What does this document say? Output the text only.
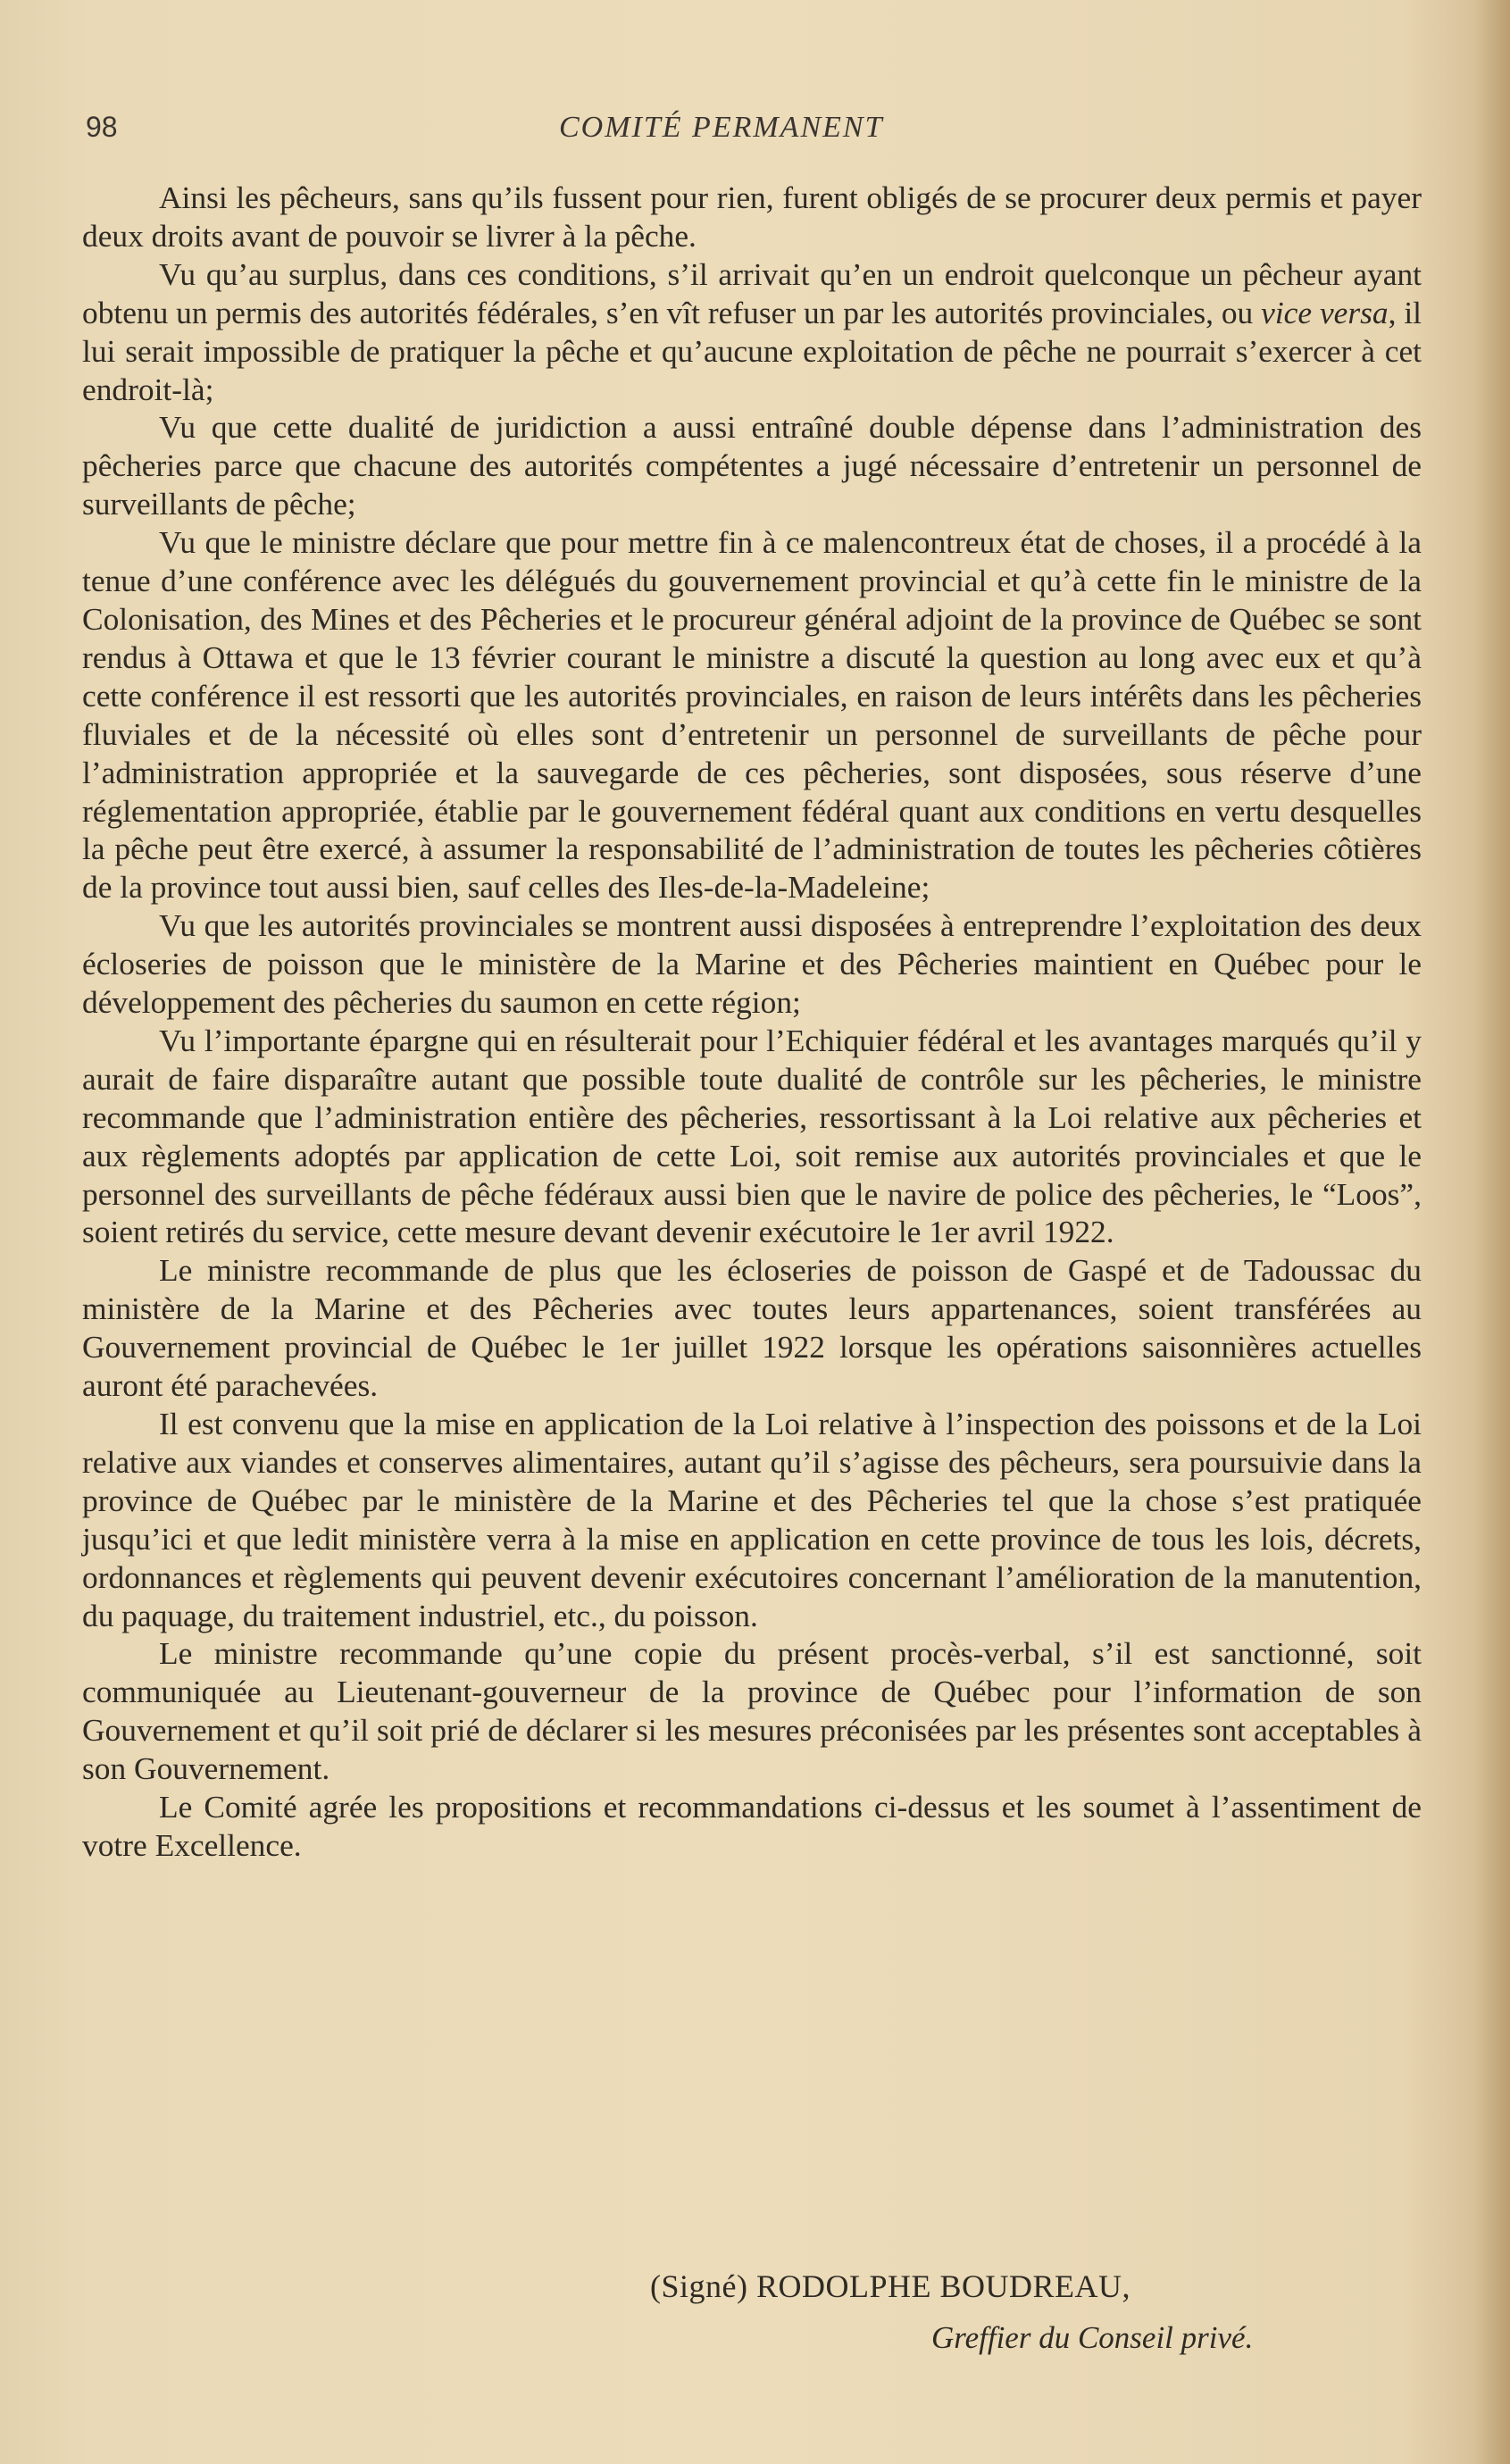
98	COMITÉ PERMANENT

Ainsi les pêcheurs, sans qu’ils fussent pour rien, furent obligés de se procurer deux permis et payer deux droits avant de pouvoir se livrer à la pêche.

Vu qu’au surplus, dans ces conditions, s’il arrivait qu’en un endroit quelconque un pêcheur ayant obtenu un permis des autorités fédérales, s’en vît refuser un par les autorités provinciales, ou vice versa, il lui serait impossible de pratiquer la pêche et qu’aucune exploitation de pêche ne pourrait s’exercer à cet endroit-là;

Vu que cette dualité de juridiction a aussi entraîné double dépense dans l’administration des pêcheries parce que chacune des autorités compétentes a jugé nécessaire d’entretenir un personnel de surveillants de pêche;

Vu que le ministre déclare que pour mettre fin à ce malencontreux état de choses, il a procédé à la tenue d’une conférence avec les délégués du gouvernement provincial et qu’à cette fin le ministre de la Colonisation, des Mines et des Pêcheries et le procureur général adjoint de la province de Québec se sont rendus à Ottawa et que le 13 février courant le ministre a discuté la question au long avec eux et qu’à cette conférence il est ressorti que les autorités provinciales, en raison de leurs intérêts dans les pêcheries fluviales et de la nécessité où elles sont d’entretenir un personnel de surveillants de pêche pour l’administration appropriée et la sauvegarde de ces pêcheries, sont disposées, sous réserve d’une réglementation appropriée, établie par le gouvernement fédéral quant aux conditions en vertu desquelles la pêche peut être exercé, à assumer la responsabilité de l’administration de toutes les pêcheries côtières de la province tout aussi bien, sauf celles des Iles-de-la-Madeleine;

Vu que les autorités provinciales se montrent aussi disposées à entreprendre l’exploitation des deux écloseries de poisson que le ministère de la Marine et des Pêcheries maintient en Québec pour le développement des pêcheries du saumon en cette région;

Vu l’importante épargne qui en résulterait pour l’Echiquier fédéral et les avantages marqués qu’il y aurait de faire disparaître autant que possible toute dualité de contrôle sur les pêcheries, le ministre recommande que l’administration entière des pêcheries, ressortissant à la Loi relative aux pêcheries et aux règlements adoptés par application de cette Loi, soit remise aux autorités provinciales et que le personnel des surveillants de pêche fédéraux aussi bien que le navire de police des pêcheries, le “Loos”, soient retirés du service, cette mesure devant devenir exécutoire le 1er avril 1922.

Le ministre recommande de plus que les écloseries de poisson de Gaspé et de Tadoussac du ministère de la Marine et des Pêcheries avec toutes leurs appartenances, soient transférées au Gouvernement provincial de Québec le 1er juillet 1922 lorsque les opérations saisonnières actuelles auront été parachevées.

Il est convenu que la mise en application de la Loi relative à l’inspection des poissons et de la Loi relative aux viandes et conserves alimentaires, autant qu’il s’agisse des pêcheurs, sera poursuivie dans la province de Québec par le ministère de la Marine et des Pêcheries tel que la chose s’est pratiquée jusqu’ici et que ledit ministère verra à la mise en application en cette province de tous les lois, décrets, ordonnances et règlements qui peuvent devenir exécutoires concernant l’amélioration de la manutention, du paquage, du traitement industriel, etc., du poisson.

Le ministre recommande qu’une copie du présent procès-verbal, s’il est sanctionné, soit communiquée au Lieutenant-gouverneur de la province de Québec pour l’information de son Gouvernement et qu’il soit prié de déclarer si les mesures préconisées par les présentes sont acceptables à son Gouvernement.

Le Comité agrée les propositions et recommandations ci-dessus et les soumet à l’assentiment de votre Excellence.

(Signé) RODOLPHE BOUDREAU,
Greffier du Conseil privé.
